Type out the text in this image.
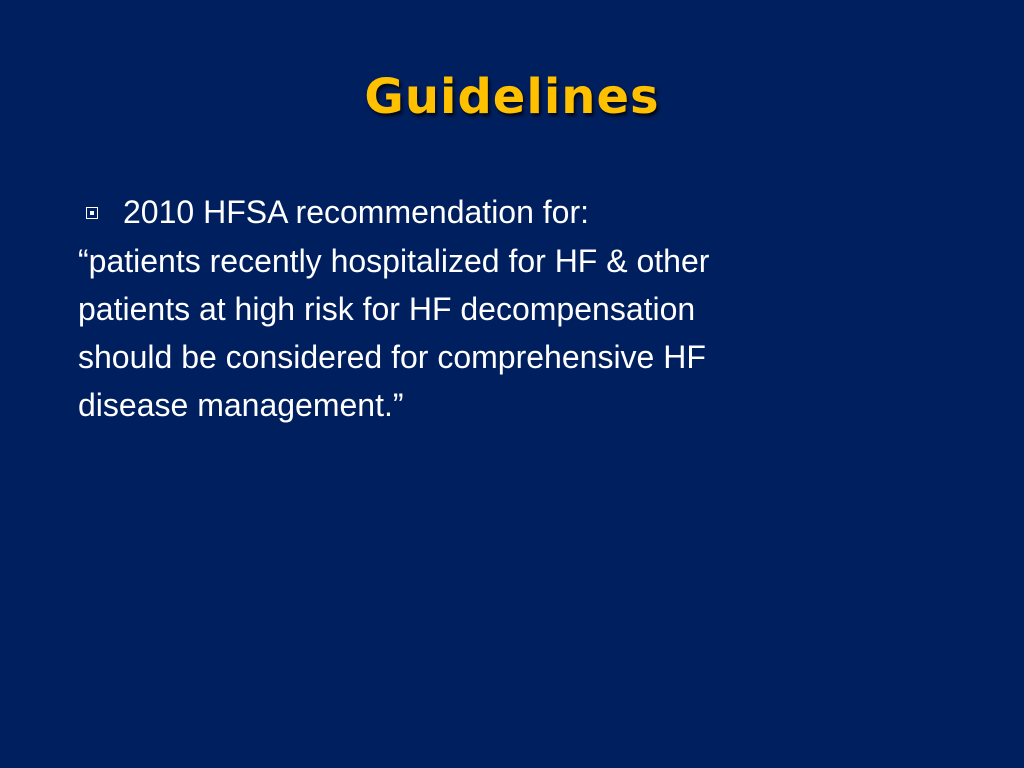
Guidelines
2010 HFSA recommendation for:
“patients recently hospitalized for HF & other
patients at high risk for HF decompensation
should be considered for comprehensive HF
disease management.”
